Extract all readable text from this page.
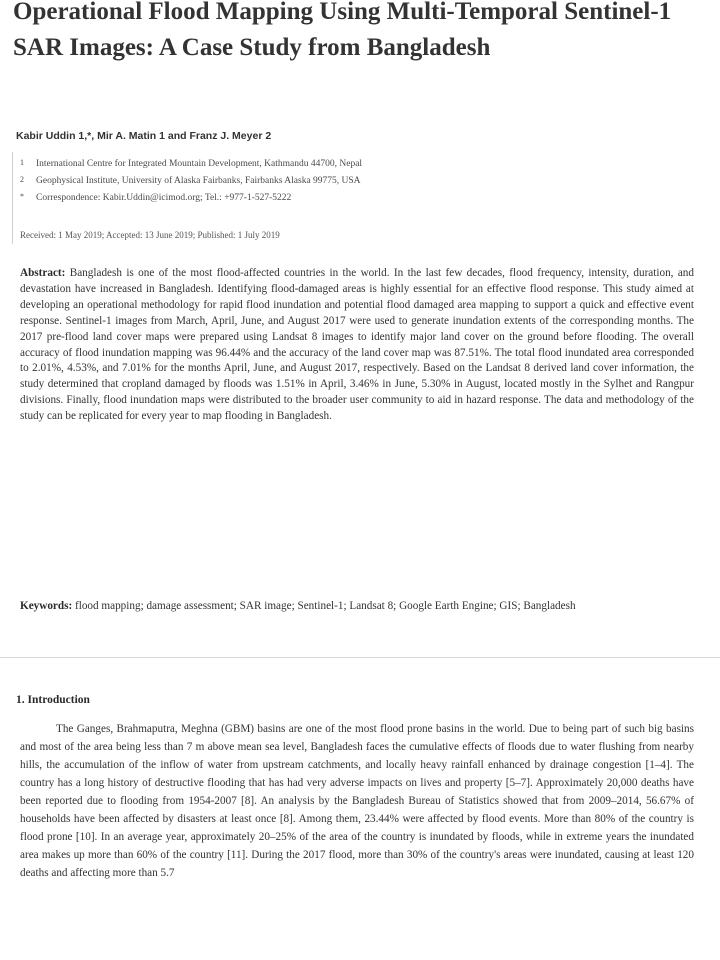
Operational Flood Mapping Using Multi-Temporal Sentinel-1 SAR Images: A Case Study from Bangladesh
Kabir Uddin 1,*, Mir A. Matin 1 and Franz J. Meyer 2
1	International Centre for Integrated Mountain Development, Kathmandu 44700, Nepal
2	Geophysical Institute, University of Alaska Fairbanks, Fairbanks Alaska 99775, USA
*	Correspondence: Kabir.Uddin@icimod.org; Tel.: +977-1-527-5222
Received: 1 May 2019; Accepted: 13 June 2019; Published: 1 July 2019

Abstract: Bangladesh is one of the most flood-affected countries in the world. In the last few decades, flood frequency, intensity, duration, and devastation have increased in Bangladesh. Identifying flood-damaged areas is highly essential for an effective flood response. This study aimed at developing an operational methodology for rapid flood inundation and potential flood damaged area mapping to support a quick and effective event response. Sentinel-1 images from March, April, June, and August 2017 were used to generate inundation extents of the corresponding months. The 2017 pre-flood land cover maps were prepared using Landsat 8 images to identify major land cover on the ground before flooding. The overall accuracy of flood inundation mapping was 96.44% and the accuracy of the land cover map was 87.51%. The total flood inundated area corresponded to 2.01%, 4.53%, and 7.01% for the months April, June, and August 2017, respectively. Based on the Landsat 8 derived land cover information, the study determined that cropland damaged by floods was 1.51% in April, 3.46% in June, 5.30% in August, located mostly in the Sylhet and Rangpur divisions. Finally, flood inundation maps were distributed to the broader user community to aid in hazard response. The data and methodology of the study can be replicated for every year to map flooding in Bangladesh.

Keywords: flood mapping; damage assessment; SAR image; Sentinel-1; Landsat 8; Google Earth Engine; GIS; Bangladesh

1. Introduction

The Ganges, Brahmaputra, Meghna (GBM) basins are one of the most flood prone basins in the world. Due to being part of such big basins and most of the area being less than 7 m above mean sea level, Bangladesh faces the cumulative effects of floods due to water flushing from nearby hills, the accumulation of the inflow of water from upstream catchments, and locally heavy rainfall enhanced by drainage congestion [1–4]. The country has a long history of destructive flooding that has had very adverse impacts on lives and property [5–7]. Approximately 20,000 deaths have been reported due to flooding from 1954-2007 [8]. An analysis by the Bangladesh Bureau of Statistics showed that from 2009–2014, 56.67% of households have been affected by disasters at least once [8]. Among them, 23.44% were affected by flood events. More than 80% of the country is flood prone [10]. In an average year, approximately 20–25% of the area of the country is inundated by floods, while in extreme years the inundated area makes up more than 60% of the country [11]. During the 2017 flood, more than 30% of the country's areas were inundated, causing at least 120 deaths and affecting more than 5.7
